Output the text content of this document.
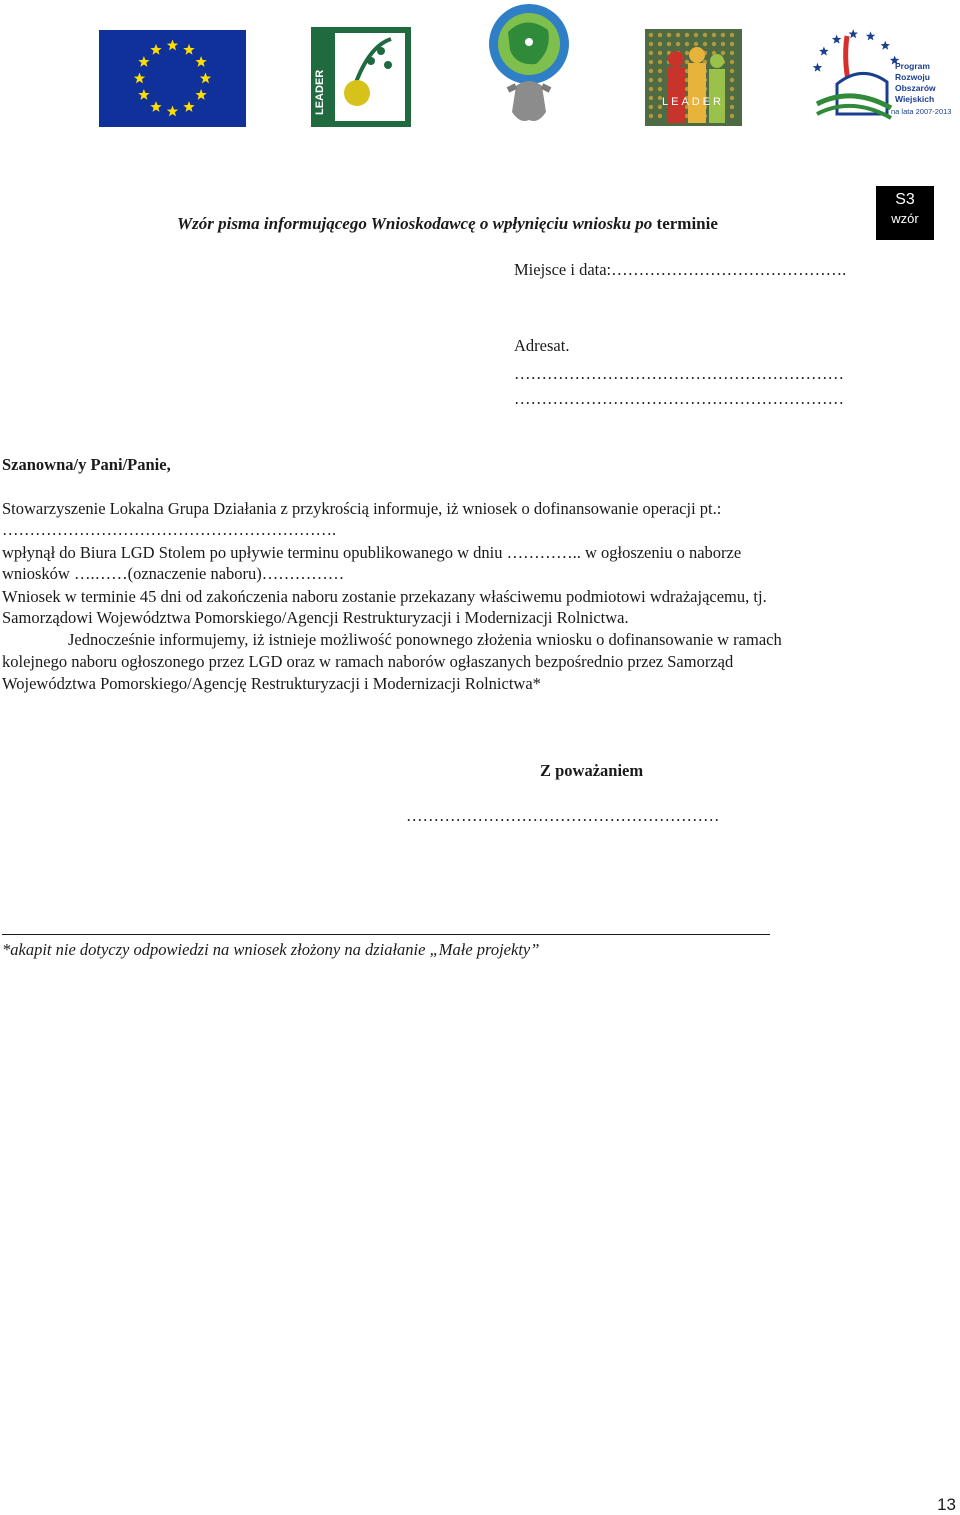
LEADER	LEADER
Program
Rozwoju
Obszarów
Wiejskich
na lata 2007-2013
S3
wzór
Wzór pisma informującego Wnioskodawcę o wpłynięciu wniosku po terminie
Miejsce i data:…………………………………….
Adresat.
……………………………………………………
……………………………………………………
Szanowna/y Pani/Panie,
Stowarzyszenie Lokalna Grupa Działania z przykrością informuje, iż wniosek o dofinansowanie operacji pt.:
…………………………………………………….
wpłynął do Biura LGD Stolem po upływie terminu opublikowanego w dniu ………….. w ogłoszeniu o naborze
wniosków ….……(oznaczenie naboru)……………
Wniosek w terminie 45 dni od zakończenia naboru zostanie przekazany właściwemu podmiotowi wdrażającemu, tj.
Samorządowi Województwa Pomorskiego/Agencji Restrukturyzacji i Modernizacji Rolnictwa.
Jednocześnie informujemy, iż istnieje możliwość ponownego złożenia wniosku o dofinansowanie w ramach
kolejnego naboru ogłoszonego przez LGD oraz w ramach naborów ogłaszanych bezpośrednio przez Samorząd
Województwa Pomorskiego/Agencję Restrukturyzacji i Modernizacji Rolnictwa*
Z poważaniem
…………………………………………………
*akapit nie dotyczy odpowiedzi na wniosek złożony na działanie „Małe projekty”
13
